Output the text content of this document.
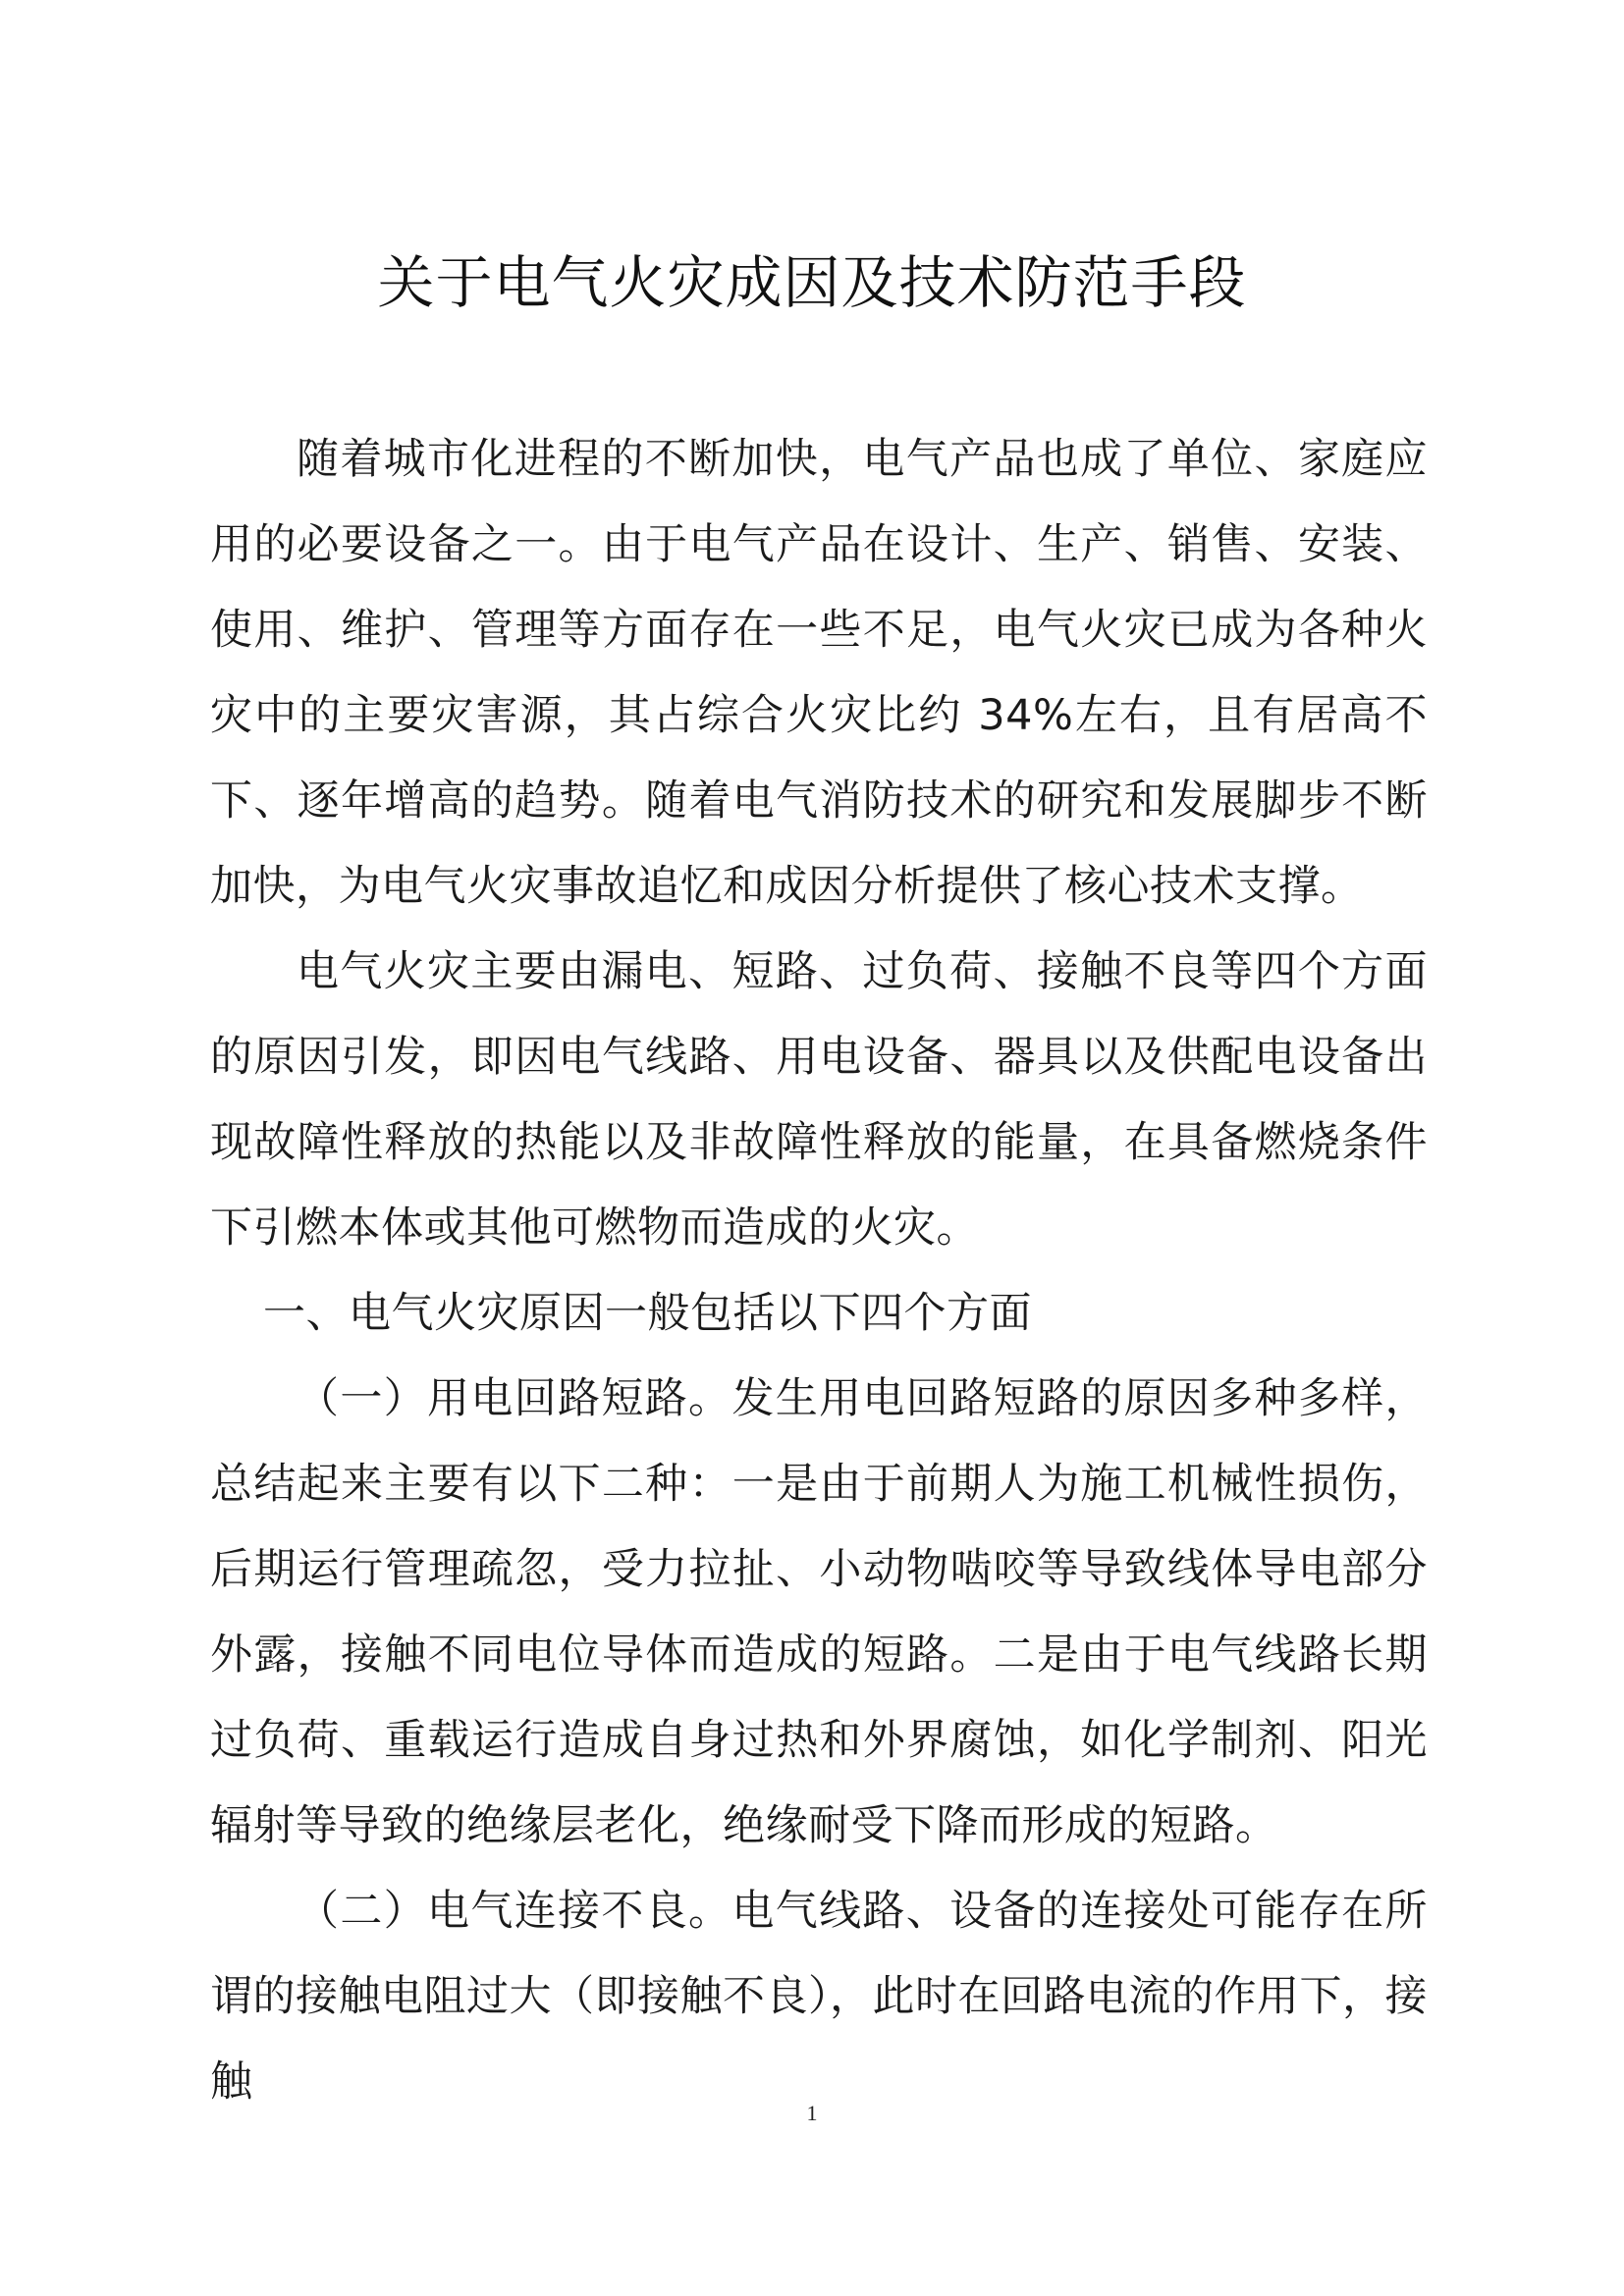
关于电气火灾成因及技术防范手段

随着城市化进程的不断加快，电气产品也成了单位、家庭应用的必要设备之一。由于电气产品在设计、生产、销售、安装、使用、维护、管理等方面存在一些不足，电气火灾已成为各种火灾中的主要灾害源，其占综合火灾比约 34%左右，且有居高不下、逐年增高的趋势。随着电气消防技术的研究和发展脚步不断加快，为电气火灾事故追忆和成因分析提供了核心技术支撑。

电气火灾主要由漏电、短路、过负荷、接触不良等四个方面的原因引发，即因电气线路、用电设备、器具以及供配电设备出现故障性释放的热能以及非故障性释放的能量，在具备燃烧条件下引燃本体或其他可燃物而造成的火灾。

一、电气火灾原因一般包括以下四个方面

（一）用电回路短路。发生用电回路短路的原因多种多样，总结起来主要有以下二种：一是由于前期人为施工机械性损伤，后期运行管理疏忽，受力拉扯、小动物啮咬等导致线体导电部分外露，接触不同电位导体而造成的短路。二是由于电气线路长期过负荷、重载运行造成自身过热和外界腐蚀，如化学制剂、阳光辐射等导致的绝缘层老化，绝缘耐受下降而形成的短路。

（二）电气连接不良。电气线路、设备的连接处可能存在所谓的接触电阻过大（即接触不良），此时在回路电流的作用下，接触

1
